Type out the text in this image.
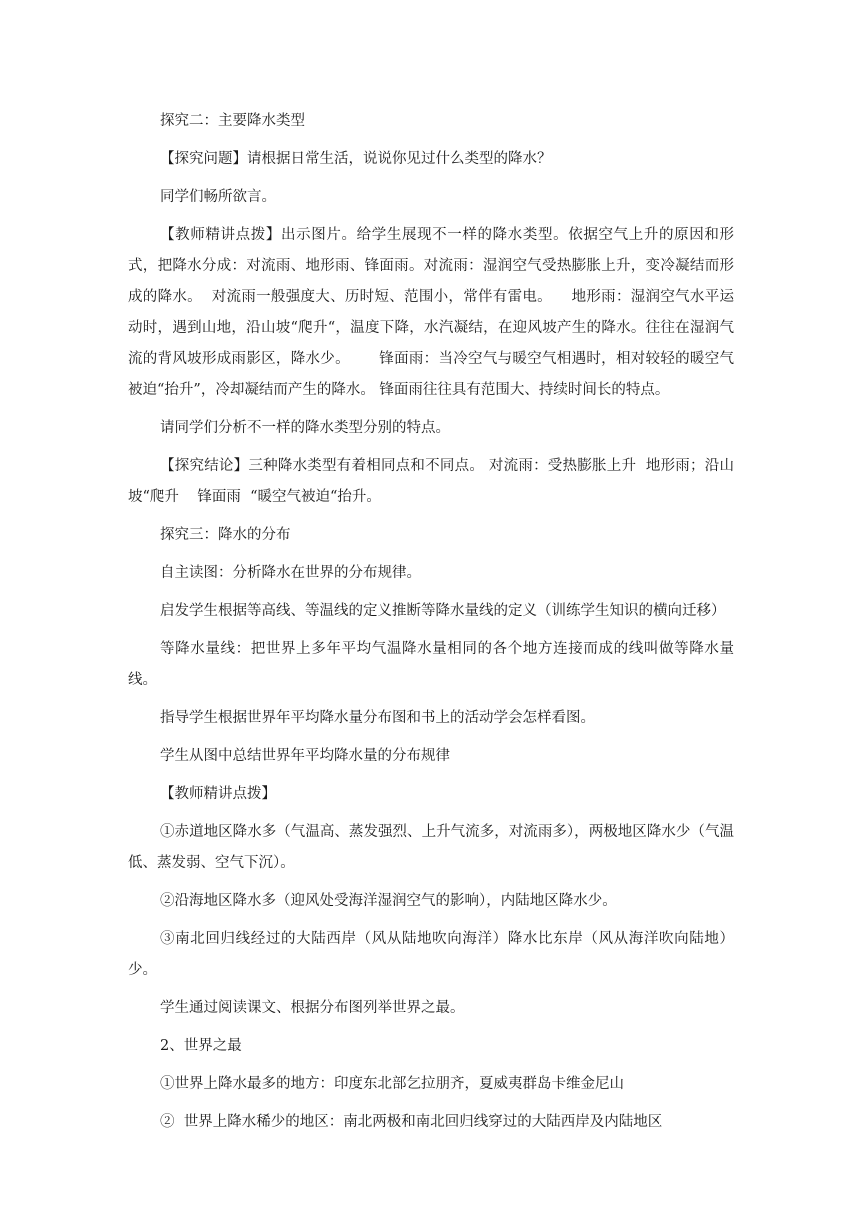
探究二：主要降水类型

【探究问题】请根据日常生活，说说你见过什么类型的降水？

同学们畅所欲言。

【教师精讲点拨】出示图片。给学生展现不一样的降水类型。依据空气上升的原因和形式，把降水分成：对流雨、地形雨、锋面雨。对流雨：湿润空气受热膨胀上升，变冷凝结而形成的降水。  对流雨一般强度大、历时短、范围小，常伴有雷电。    地形雨：湿润空气水平运动时，遇到山地，沿山坡“爬升“，温度下降，水汽凝结，在迎风坡产生的降水。往往在湿润气流的背风坡形成雨影区，降水少。      锋面雨：当冷空气与暖空气相遇时，相对较轻的暖空气被迫“抬升”，冷却凝结而产生的降水。 锋面雨往往具有范围大、持续时间长的特点。

请同学们分析不一样的降水类型分别的特点。

【探究结论】三种降水类型有着相同点和不同点。 对流雨：受热膨胀上升  地形雨；沿山坡“爬升    锋面雨  “暖空气被迫“抬升。

探究三：降水的分布

自主读图：分析降水在世界的分布规律。

启发学生根据等高线、等温线的定义推断等降水量线的定义（训练学生知识的横向迁移）

等降水量线：把世界上多年平均气温降水量相同的各个地方连接而成的线叫做等降水量线。

指导学生根据世界年平均降水量分布图和书上的活动学会怎样看图。

学生从图中总结世界年平均降水量的分布规律

【教师精讲点拨】

①赤道地区降水多（气温高、蒸发强烈、上升气流多，对流雨多），两极地区降水少（气温低、蒸发弱、空气下沉）。

②沿海地区降水多（迎风处受海洋湿润空气的影响），内陆地区降水少。

③南北回归线经过的大陆西岸（风从陆地吹向海洋）降水比东岸（风从海洋吹向陆地）少。

学生通过阅读课文、根据分布图列举世界之最。

2、世界之最

①世界上降水最多的地方：印度东北部乞拉朋齐，夏威夷群岛卡维金尼山

②  世界上降水稀少的地区：南北两极和南北回归线穿过的大陆西岸及内陆地区
